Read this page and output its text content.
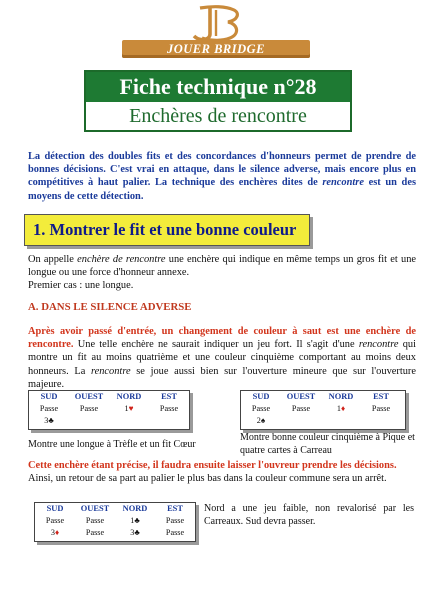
JOUER BRIDGE
Fiche technique n°28
Enchères de rencontre
La détection des doubles fits et des concordances d'honneurs permet de prendre de bonnes décisions. C'est vrai en attaque, dans le silence adverse, mais encore plus en compétitives à haut palier. La technique des enchères dites de rencontre est un des moyens de cette détection.
1. Montrer le fit et une bonne couleur
On appelle enchère de rencontre une enchère qui indique en même temps un gros fit et une longue ou une force d'honneur annexe.
Premier cas : une longue.
A. DANS LE SILENCE ADVERSE
Après avoir passé d'entrée, un changement de couleur à saut est une enchère de rencontre. Une telle enchère ne saurait indiquer un jeu fort. Il s'agit d'une rencontre qui montre un fit au moins quatrième et une couleur cinquième comportant au moins deux honneurs. La rencontre se joue aussi bien sur l'ouverture mineure que sur l'ouverture majeure.
SUD	OUEST	NORD	EST
Passe	Passe	1♥	Passe
3♣
Montre une longue à Trèfle et un fit Cœur
SUD	OUEST	NORD	EST
Passe	Passe	1♦	Passe
2♠
Montre bonne couleur cinquième à Pique et quatre cartes à Carreau
Cette enchère étant précise, il faudra ensuite laisser l'ouvreur prendre les décisions.
Ainsi, un retour de sa part au palier le plus bas dans la couleur commune sera un arrêt.
SUD	OUEST	NORD	EST
Passe	Passe	1♣	Passe
3♦	Passe	3♣	Passe
Nord a une jeu faible, non revalorisé par les Carreaux. Sud devra passer.
